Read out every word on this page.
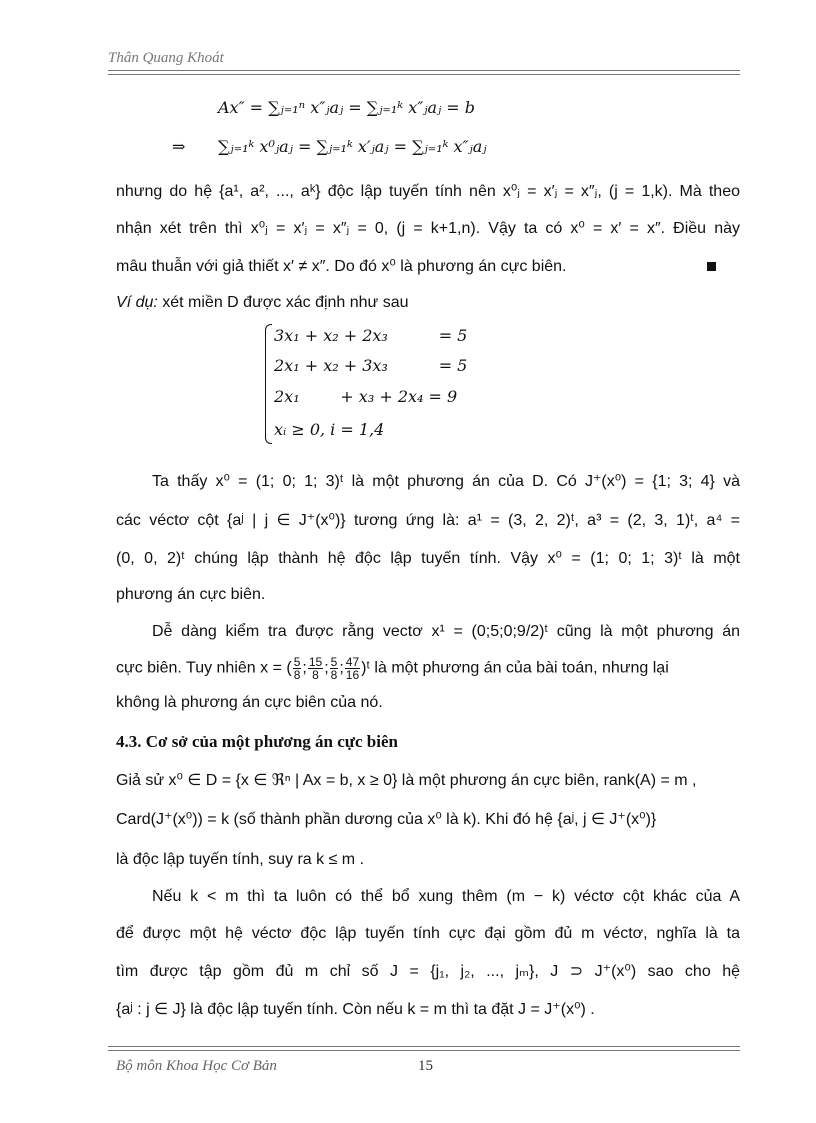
Thân Quang Khoát
Ax″ = ∑ⱼ₌₁ⁿ x″ⱼaⱼ = ∑ⱼ₌₁ᵏ x″ⱼaⱼ = b
⇒ ∑ⱼ₌₁ᵏ x⁰ⱼaⱼ = ∑ⱼ₌₁ᵏ x′ⱼaⱼ = ∑ⱼ₌₁ᵏ x″ⱼaⱼ
nhưng do hệ {a¹, a², ..., aᵏ} độc lập tuyến tính nên x⁰ⱼ = x′ⱼ = x″ⱼ, (j = 1,k). Mà theo
nhận xét trên thì x⁰ⱼ = x′ⱼ = x″ⱼ = 0, (j = k+1,n). Vậy ta có x⁰ = x′ = x″. Điều này
mâu thuẫn với giả thiết x′ ≠ x″. Do đó x⁰ là phương án cực biên.
Ví dụ: xét miền D được xác định như sau
3x₁ + x₂ + 2x₃          = 5
2x₁ + x₂ + 3x₃          = 5
2x₁        + x₃ + 2x₄ = 9
xᵢ ≥ 0, i = 1,4
Ta thấy x⁰ = (1; 0; 1; 3)ᵗ là một phương án của D. Có J⁺(x⁰) = {1; 3; 4} và
các véctơ cột {aʲ | j ∈ J⁺(x⁰)} tương ứng là: a¹ = (3, 2, 2)ᵗ, a³ = (2, 3, 1)ᵗ, a⁴ =
(0, 0, 2)ᵗ chúng lập thành hệ độc lập tuyến tính. Vậy x⁰ = (1; 0; 1; 3)ᵗ là một
phương án cực biên.
Dễ dàng kiểm tra được rằng vectơ x¹ = (0;5;0;9/2)ᵗ cũng là một phương án
cực biên. Tuy nhiên x = ( $\frac{5}{8}$ ; $\frac{15}{8}$ ; $\frac{5}{8}$ ; $\frac{47}{16}$ )ᵗ là một phương án của bài toán, nhưng lại
không là phương án cực biên của nó.
4.3. Cơ sở của một phương án cực biên
Giả sử x⁰ ∈ D = {x ∈ ℜⁿ | Ax = b, x ≥ 0} là một phương án cực biên, rank(A) = m ,
Card(J⁺(x⁰)) = k (số thành phần dương của x⁰ là k). Khi đó hệ {aʲ, j ∈ J⁺(x⁰)}
là độc lập tuyến tính, suy ra k ≤ m .
Nếu k < m thì ta luôn có thể bổ xung thêm (m − k) véctơ cột khác của A
để được một hệ véctơ độc lập tuyến tính cực đại gồm đủ m véctơ, nghĩa là ta
tìm được tập gồm đủ m chỉ số J = {j₁, j₂, ..., jₘ}, J ⊃ J⁺(x⁰) sao cho hệ
{aʲ : j ∈ J} là độc lập tuyến tính. Còn nếu k = m thì ta đặt J = J⁺(x⁰) .
Bộ môn Khoa Học Cơ Bản	15
